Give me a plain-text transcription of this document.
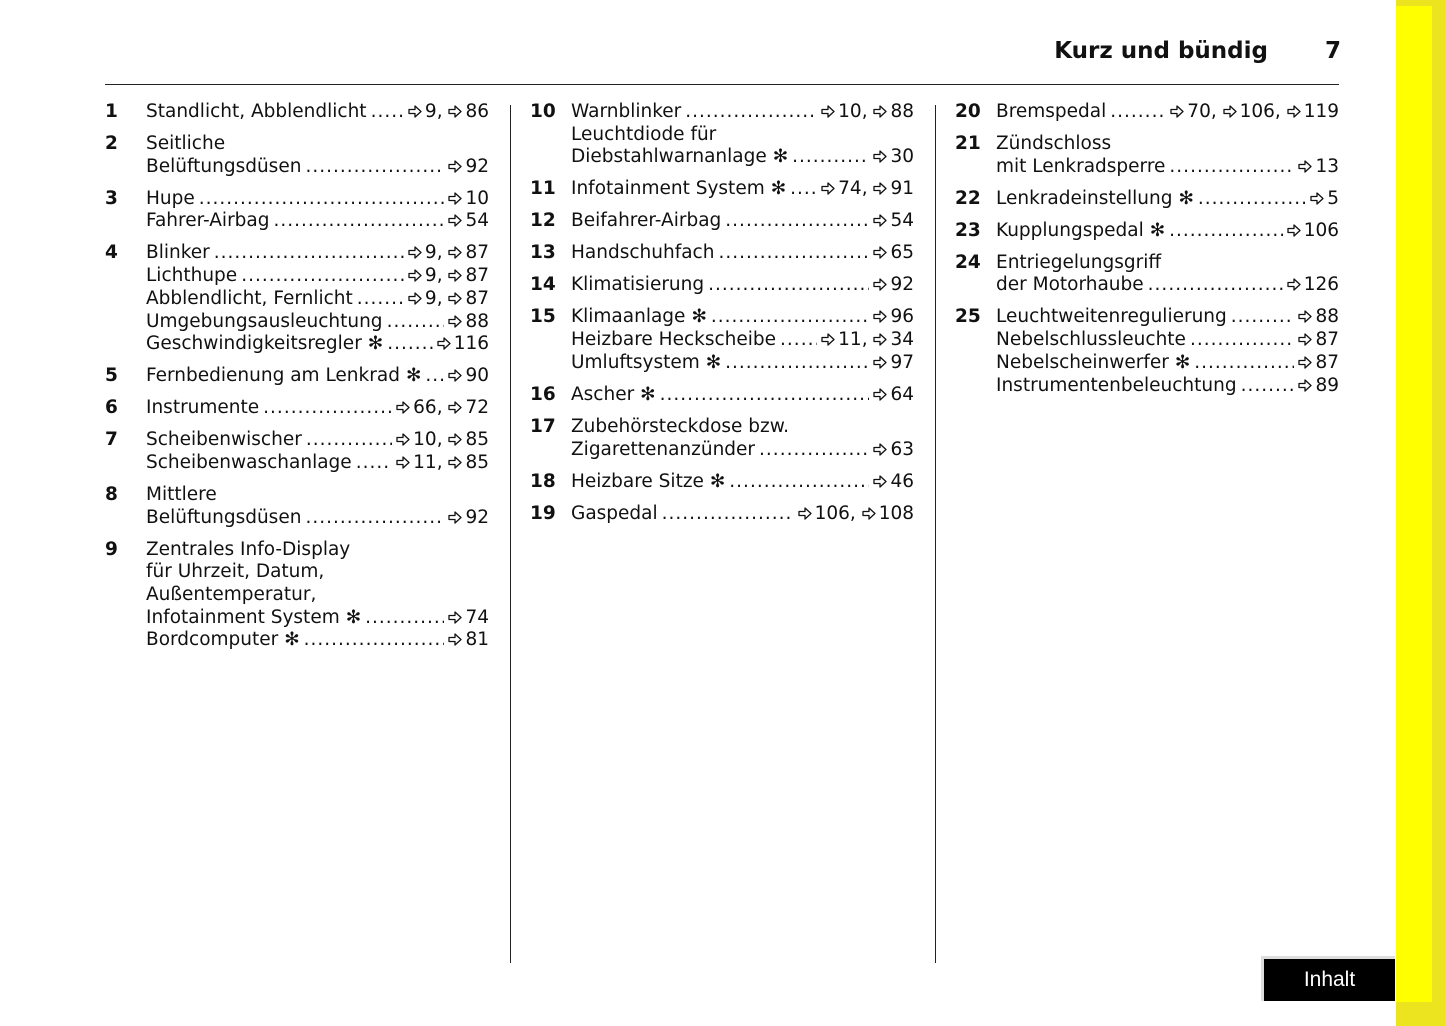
Kurz und bündig 7
1	Standlicht, Abblendlicht .....	9, 86
2	Seitliche
Belüftungsdüsen .....	92
3	Hupe .....	10
Fahrer-Airbag .....	54
4	Blinker .....	9, 87
Lichthupe .....	9, 87
Abblendlicht, Fernlicht .....	9, 87
Umgebungsausleuchtung .....	88
Geschwindigkeitsregler ✻ .....	116
5	Fernbedienung am Lenkrad ✻ .....	90
6	Instrumente .....	66, 72
7	Scheibenwischer .....	10, 85
Scheibenwaschanlage .....	11, 85
8	Mittlere
Belüftungsdüsen .....	92
9	Zentrales Info-Display
für Uhrzeit, Datum,
Außentemperatur,
Infotainment System ✻ .....	74
Bordcomputer ✻ .....	81
10 Warnblinker .....	10, 88
Leuchtdiode für
Diebstahlwarnanlage ✻ .....	30
11 Infotainment System ✻ .....	74, 91
12 Beifahrer-Airbag .....	54
13 Handschuhfach .....	65
14 Klimatisierung .....	92
15 Klimaanlage ✻ .....	96
Heizbare Heckscheibe .....	11, 34
Umluftsystem ✻ .....	97
16 Ascher ✻ .....	64
17 Zubehörsteckdose bzw.
Zigarettenanzünder .....	63
18 Heizbare Sitze ✻ .....	46
19 Gaspedal .....	106, 108
20 Bremspedal .....	70, 106, 119
21 Zündschloss
mit Lenkradsperre .....	13
22 Lenkradeinstellung ✻ .....	5
23 Kupplungspedal ✻ .....	106
24 Entriegelungsgriff
der Motorhaube .....	126
25 Leuchtweitenregulierung .....	88
Nebelschlussleuchte .....	87
Nebelscheinwerfer ✻ .....	87
Instrumentenbeleuchtung .....	89
Inhalt
